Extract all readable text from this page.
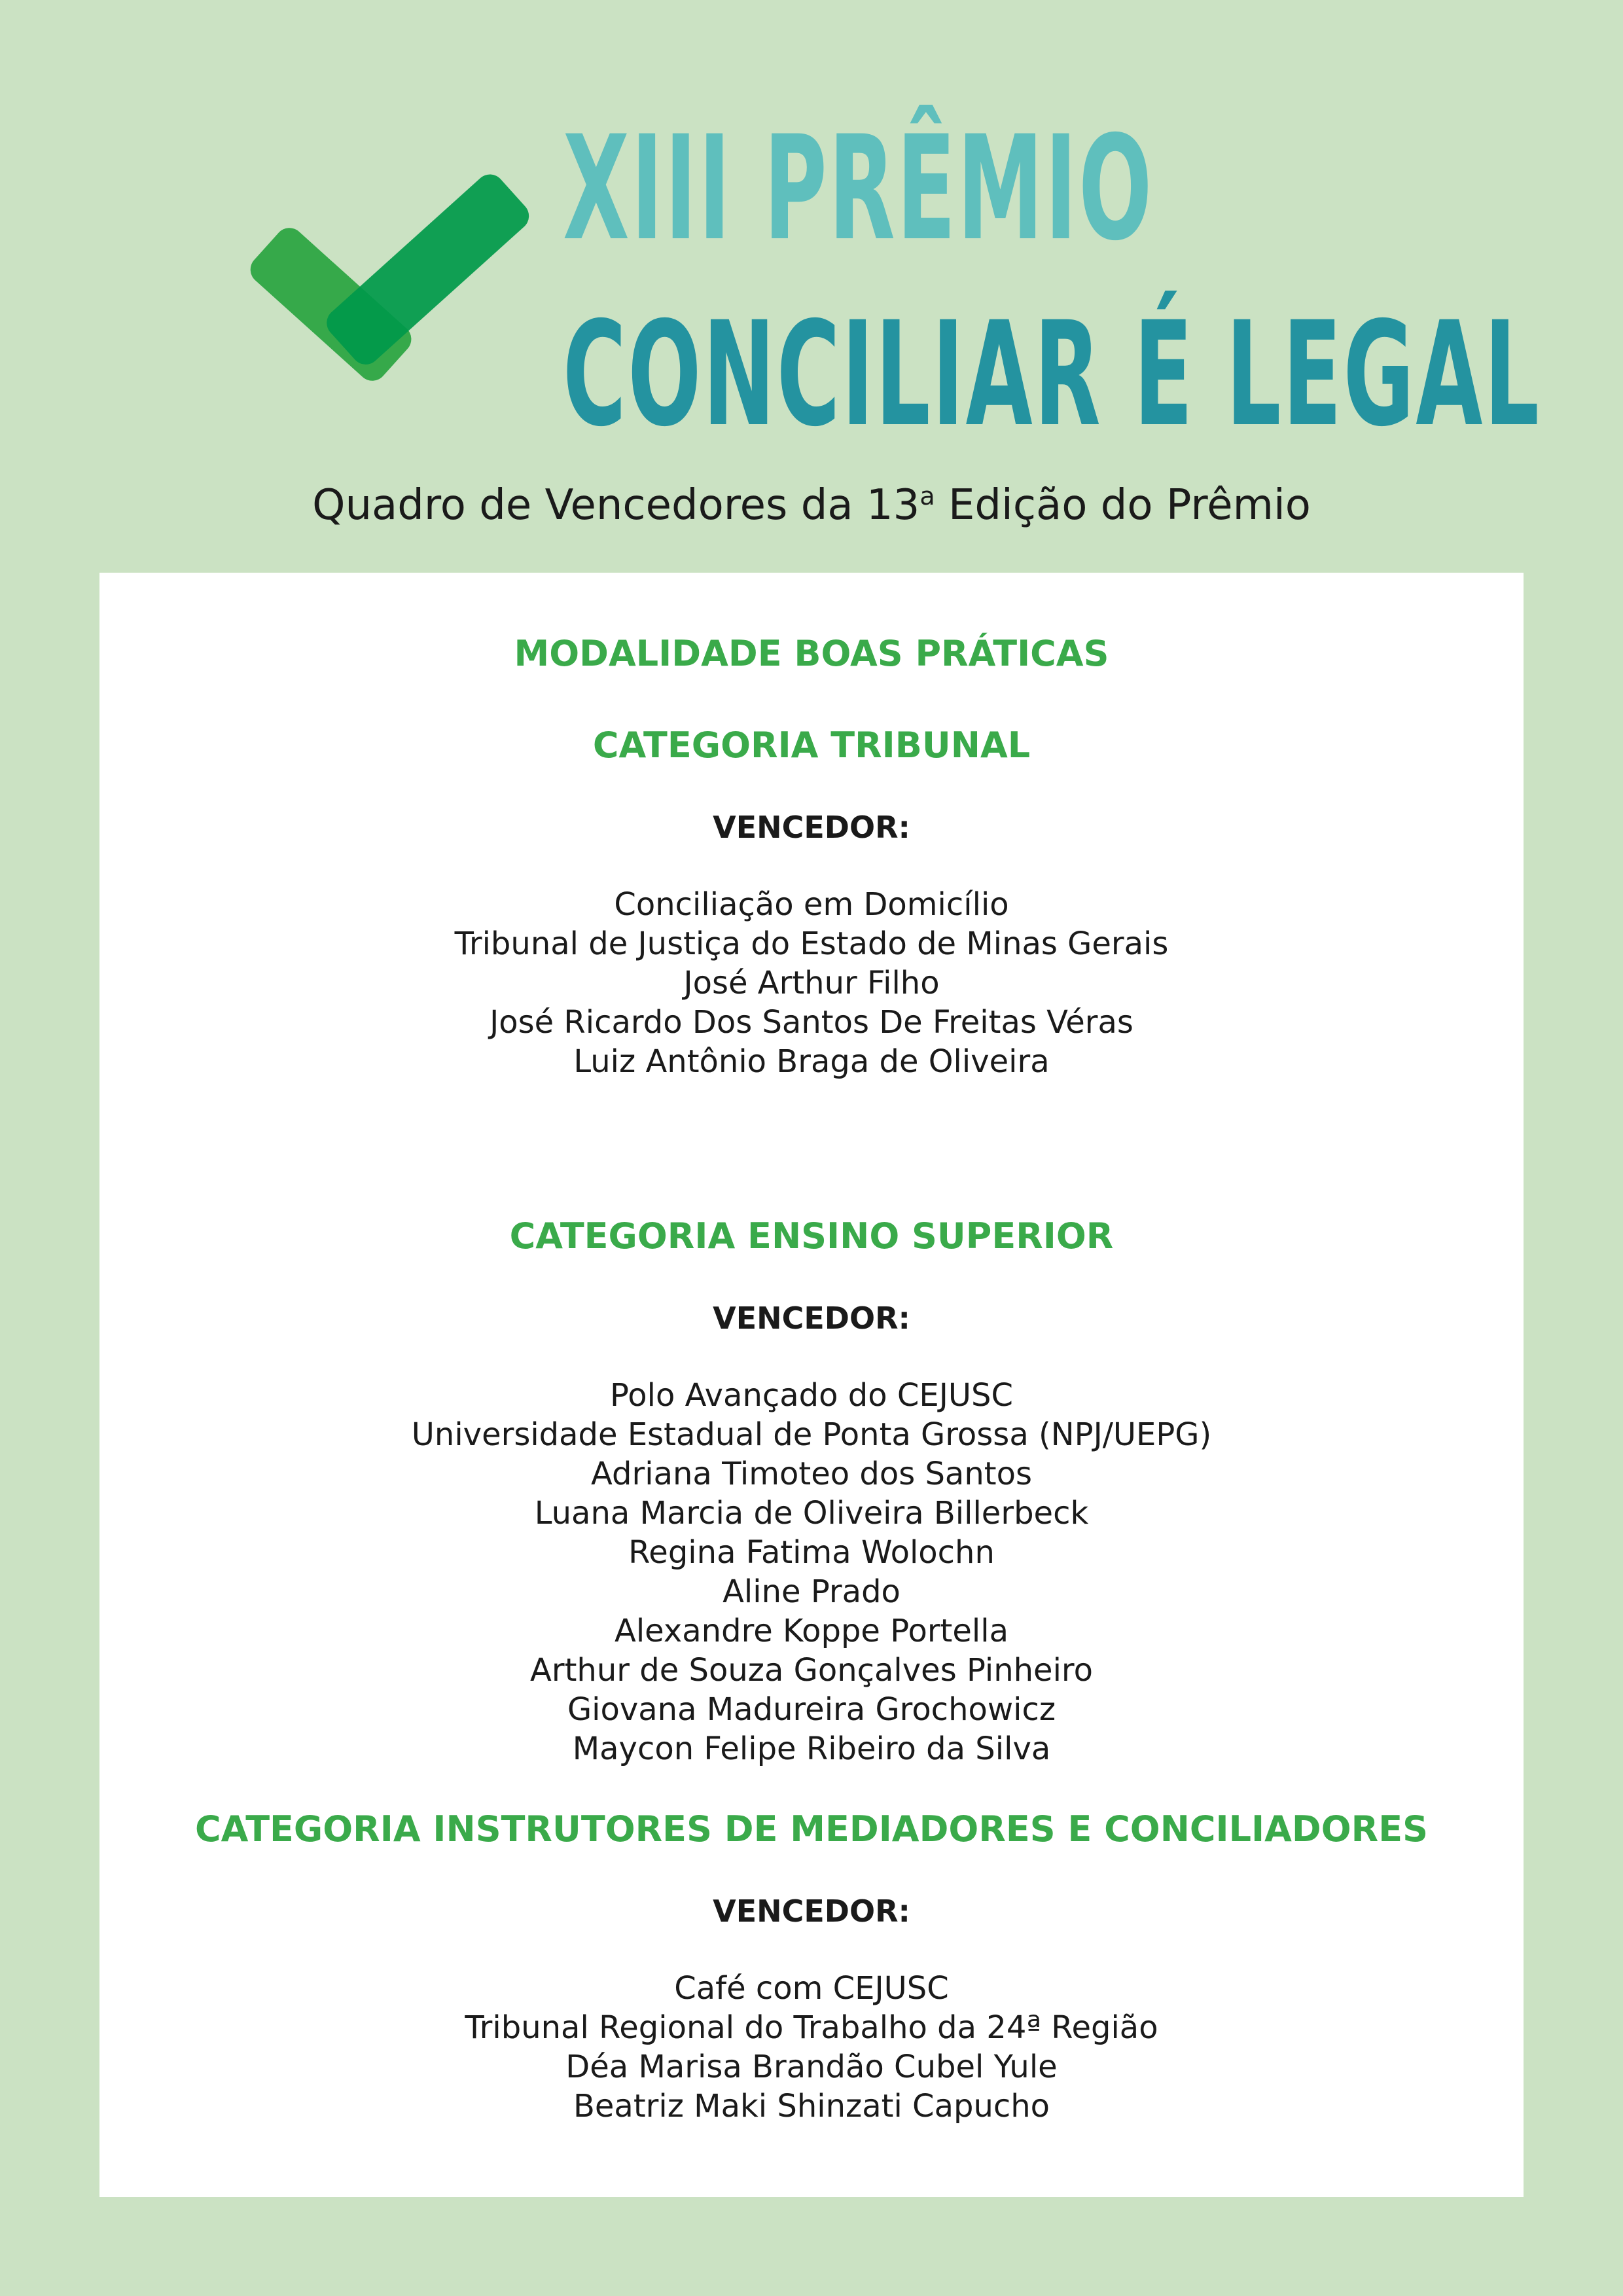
XIII PRÊMIO
CONCILIAR É LEGAL
Quadro de Vencedores da 13$^a$ Edição do Prêmio
MODALIDADE BOAS PRÁTICAS
CATEGORIA TRIBUNAL
VENCEDOR:
Conciliação em Domicílio
Tribunal de Justiça do Estado de Minas Gerais
José Arthur Filho
José Ricardo Dos Santos De Freitas Véras
Luiz Antônio Braga de Oliveira
CATEGORIA ENSINO SUPERIOR
VENCEDOR:
Polo Avançado do CEJUSC
Universidade Estadual de Ponta Grossa (NPJ/UEPG)
Adriana Timoteo dos Santos
Luana Marcia de Oliveira Billerbeck
Regina Fatima Wolochn
Aline Prado
Alexandre Koppe Portella
Arthur de Souza Gonçalves Pinheiro
Giovana Madureira Grochowicz
Maycon Felipe Ribeiro da Silva
CATEGORIA INSTRUTORES DE MEDIADORES E CONCILIADORES
VENCEDOR:
Café com CEJUSC
Tribunal Regional do Trabalho da 24ª Região
Déa Marisa Brandão Cubel Yule
Beatriz Maki Shinzati Capucho
